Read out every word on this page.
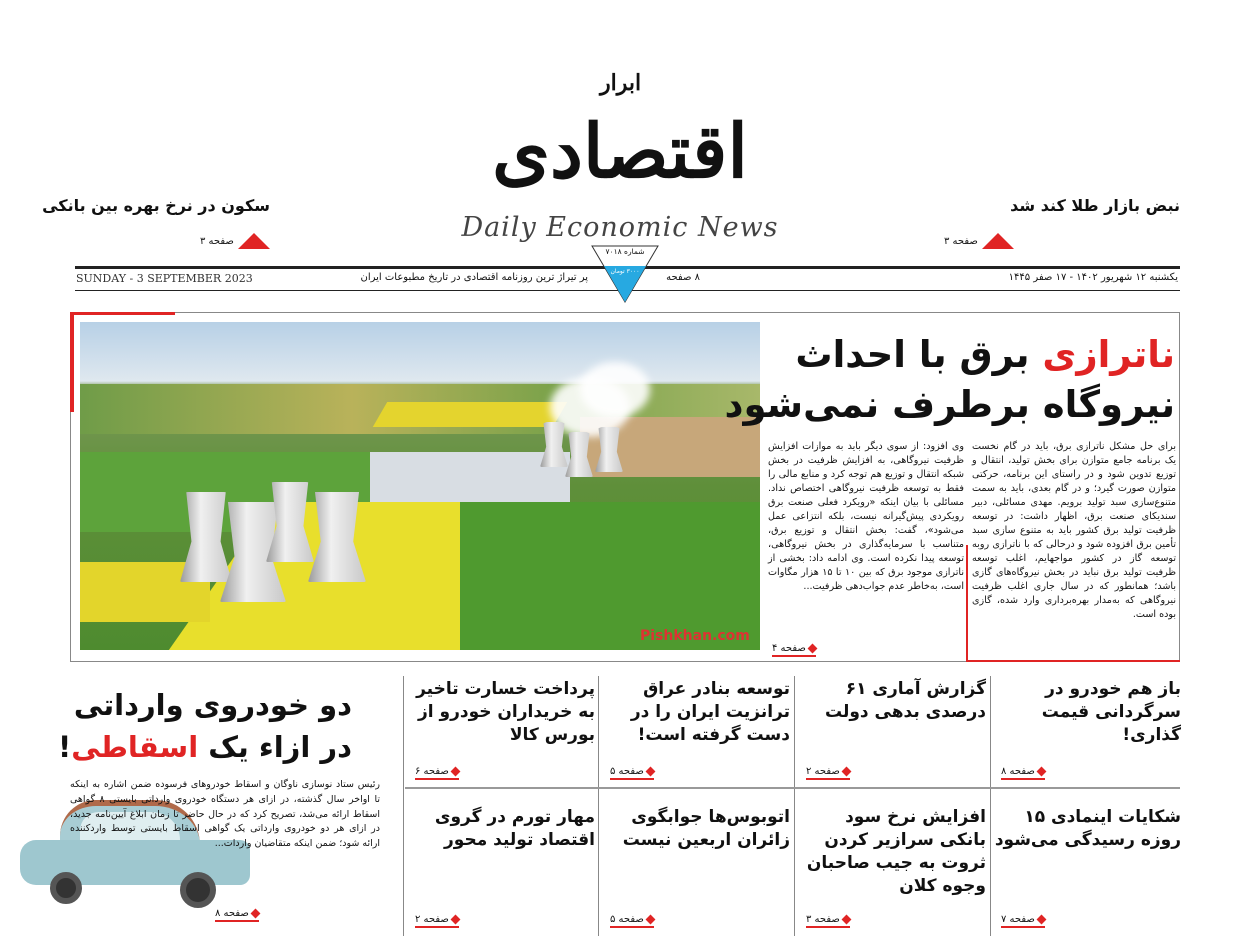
ابرار
اقتصادی
Daily Economic News
سکون در نرخ بهره بین بانکی
صفحه ۳
نبض بازار طلا کند شد
صفحه ۳
SUNDAY - 3 SEPTEMBER 2023	پر تیراژ ترین روزنامه اقتصادی در تاریخ مطبوعات ایران	۸ صفحه	یکشنبه ۱۲ شهریور ۱۴۰۲ - ۱۷ صفر ۱۴۴۵
شماره ۷۰۱۸
۳۰۰۰ تومان
Pishkhan.com
ناترازی برق با احداث
نیروگاه برطرف نمی‌شود
برای حل مشکل ناترازی برق، باید در گام نخست یک برنامه جامع متوازن برای بخش تولید، انتقال و توزیع تدوین شود و در راستای این برنامه، حرکتی متوازن صورت گیرد؛ و در گام بعدی، باید به سمت متنوع‌سازی سبد تولید برویم. مهدی مسائلی، دبیر سندیکای صنعت برق، اظهار داشت: در توسعه ظرفیت تولید برق کشور باید به متنوع سازی سبد تأمین برق افزوده شود و درحالی که با ناترازی روبه توسعه گاز در کشور مواجهایم، اغلب توسعه ظرفیت تولید برق نباید در بخش نیروگاه‌های گازی باشد؛ همانطور که در سال جاری اغلب ظرفیت نیروگاهی که به‌مدار بهره‌برداری وارد شده، گازی بوده است.
وی افزود: از سوی دیگر باید به موازات افزایش ظرفیت نیروگاهی، به افزایش ظرفیت در بخش شبکه انتقال و توزیع هم توجه کرد و منابع مالی را فقط به توسعه ظرفیت نیروگاهی اختصاص نداد. مسائلی با بیان اینکه «رویکرد فعلی صنعت برق رویکردی پیش‌گیرانه نیست، بلکه انتزاعی عمل می‌شود»، گفت: بخش انتقال و توزیع برق، متناسب با سرمایه‌گذاری در بخش نیروگاهی، توسعه پیدا نکرده است. وی ادامه داد: بخشی از ناترازی موجود برق که بین ۱۰ تا ۱۵ هزار مگاوات است، به‌خاطر عدم جواب‌دهی ظرفیت...
صفحه ۴
دو خودروی وارداتی
در ازاء یک اسقاطی!
رئیس ستاد نوسازی ناوگان و اسقاط خودروهای فرسوده ضمن اشاره به اینکه تا اواخر سال گذشته، در ازای هر دستگاه خودروی وارداتی بایستی ۸ گواهی اسقاط ارائه می‌شد، تصریح کرد که در حال حاضر تا زمان ابلاغ آیین‌نامه جدید، در ازای هر دو خودروی وارداتی یک گواهی اسقاط بایستی توسط واردکننده ارائه شود؛ ضمن اینکه متقاضیان واردات...
صفحه ۸
باز هم خودرو در سرگردانی قیمت گذاری!
صفحه ۸
گزارش آماری ۶۱ درصدی بدهی دولت
صفحه ۲
توسعه بنادر عراق ترانزیت ایران را در دست گرفته است!
صفحه ۵
پرداخت خسارت تاخیر به خریداران خودرو از بورس کالا
صفحه ۶
شکایات اینمادی ۱۵ روزه رسیدگی می‌شود
صفحه ۷
افزایش نرخ سود بانکی سرازیر کردن ثروت به جیب صاحبان وجوه کلان
صفحه ۳
اتوبوس‌ها جوابگوی زائران اربعین نیست
صفحه ۵
مهار تورم در گروی اقتصاد تولید محور
صفحه ۲
